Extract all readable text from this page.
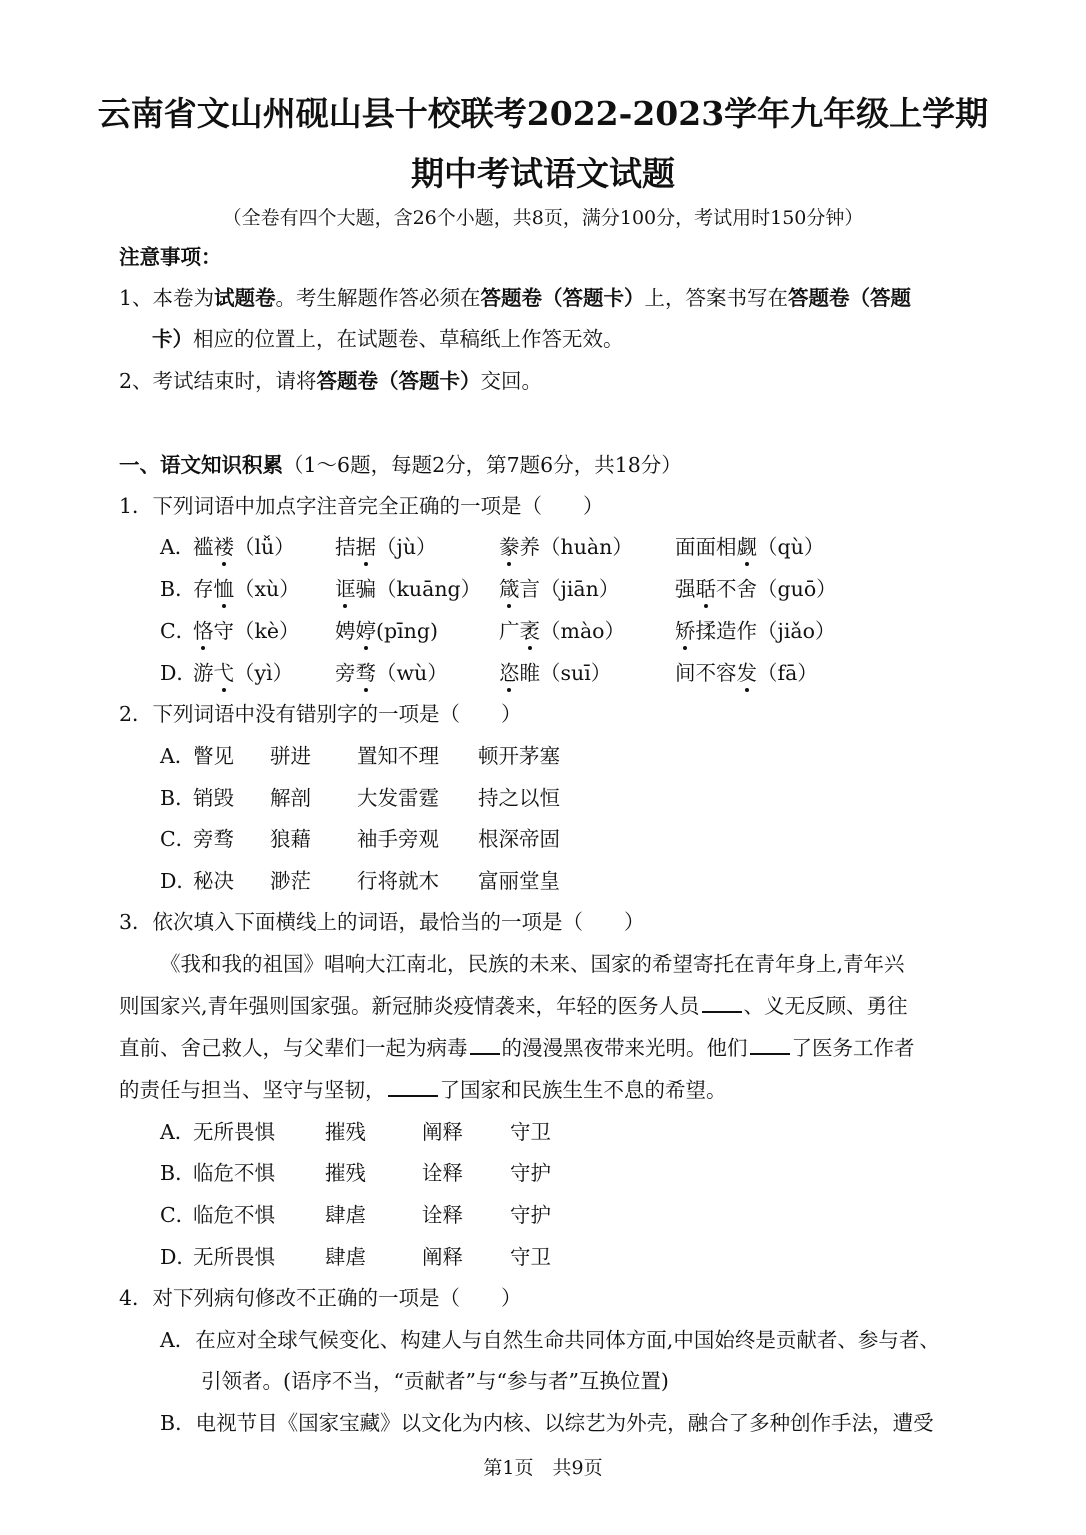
云南省文山州砚山县十校联考2022-2023学年九年级上学期
期中考试语文试题
（全卷有四个大题，含26个小题，共8页，满分100分，考试用时150分钟）
注意事项：
1、本卷为试题卷。考生解题作答必须在答题卷（答题卡）上，答案书写在答题卷（答题
卡）相应的位置上，在试题卷、草稿纸上作答无效。
2、考试结束时，请将答题卷（答题卡）交回。
一、语文知识积累（1～6题，每题2分，第7题6分，共18分）
1．下列词语中加点字注音完全正确的一项是（　　）
A．
褴褛（lǚ） 拮据（jù）	豢养（huàn） 面面相觑（qù）
B．
存恤（xù） 诓骗（kuāng） 箴言（jiān）	强聒不舍（guō）
C．
恪守（kè） 娉婷(pīng)	广袤（mào） 矫揉造作（jiǎo）
D．
游弋（yì） 旁骛（wù）	恣睢（suī）	间不容发（fā）
2．下列词语中没有错别字的一项是（　　）
A．
瞥见 骈进 置知不理 顿开茅塞
B．
销毁 解剖 大发雷霆 持之以恒
C．
旁骛 狼藉 袖手旁观 根深帝固
D．
秘决 渺茫 行将就木 富丽堂皇
3．依次填入下面横线上的词语，最恰当的一项是（　　）
《我和我的祖国》唱响大江南北，民族的未来、国家的希望寄托在青年身上,青年兴
则国家兴,青年强则国家强。新冠肺炎疫情袭来，年轻的医务人员 、义无反顾、勇往
直前、舍己救人，与父辈们一起为病毒 的漫漫黑夜带来光明。他们 了医务工作者
的责任与担当、坚守与坚韧，	了国家和民族生生不息的希望。
A．
无所畏惧 摧残	阐释 守卫
B．
临危不惧 摧残	诠释 守护
C．
临危不惧 肆虐	诠释 守护
D．
无所畏惧 肆虐	阐释 守卫
4．对下列病句修改不正确的一项是（　　）
A．在应对全球气候变化、构建人与自然生命共同体方面,中国始终是贡献者、参与者、
引领者。(语序不当，“贡献者”与“参与者”互换位置)
B．电视节目《国家宝藏》以文化为内核、以综艺为外壳，融合了多种创作手法，遭受
第1页　共9页
